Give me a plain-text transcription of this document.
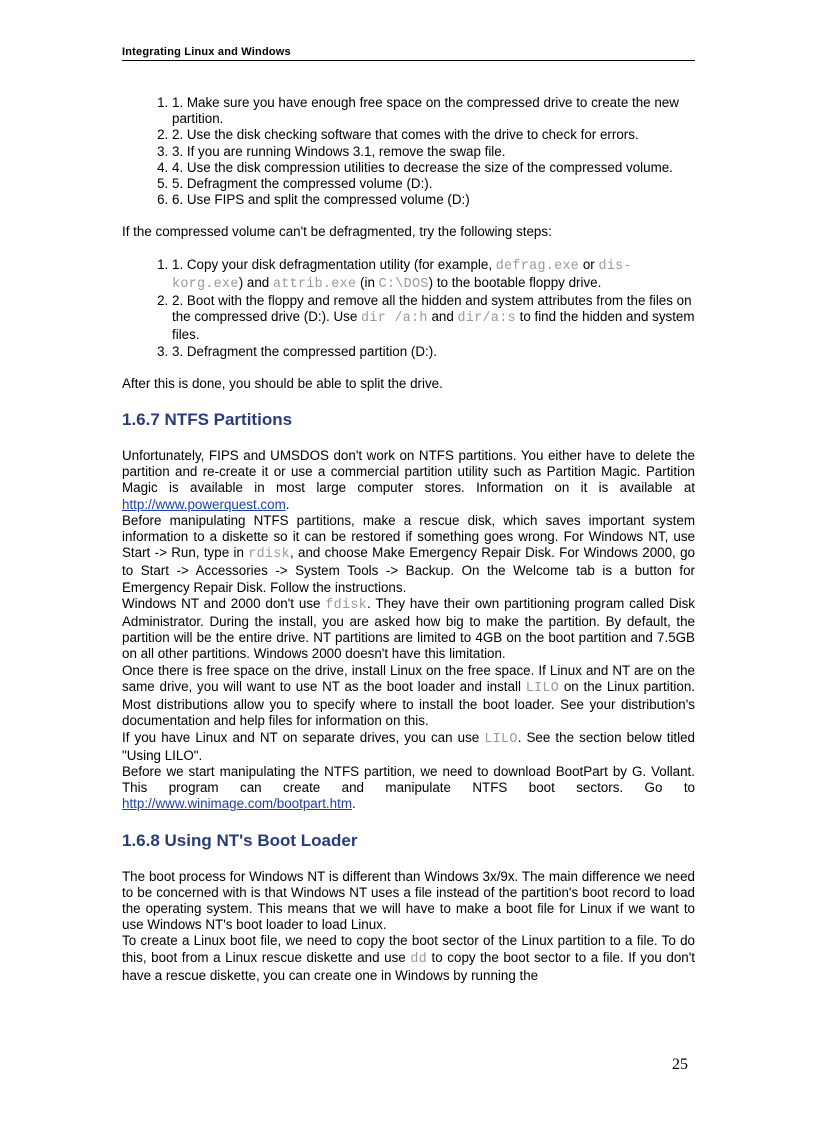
Integrating Linux and Windows
1. 1. Make sure you have enough free space on the compressed drive to create the new partition.
2. 2. Use the disk checking software that comes with the drive to check for errors.
3. 3. If you are running Windows 3.1, remove the swap file.
4. 4. Use the disk compression utilities to decrease the size of the compressed volume.
5. 5. Defragment the compressed volume (D:).
6. 6. Use FIPS and split the compressed volume (D:)

If the compressed volume can't be defragmented, try the following steps:

1. 1. Copy your disk defragmentation utility (for example, defrag.exe or dis-korg.exe) and attrib.exe (in C:\DOS) to the bootable floppy drive.
2. 2. Boot with the floppy and remove all the hidden and system attributes from the files on the compressed drive (D:). Use dir /a:h and dir/a:s to find the hidden and system files.
3. 3. Defragment the compressed partition (D:).

After this is done, you should be able to split the drive.

1.6.7 NTFS Partitions

Unfortunately, FIPS and UMSDOS don't work on NTFS partitions. You either have to delete the partition and re-create it or use a commercial partition utility such as Partition Magic. Partition Magic is available in most large computer stores. Information on it is available at http://www.powerquest.com.

Before manipulating NTFS partitions, make a rescue disk, which saves important system information to a diskette so it can be restored if something goes wrong. For Windows NT, use Start -> Run, type in rdisk, and choose Make Emergency Repair Disk. For Windows 2000, go to Start -> Accessories -> System Tools -> Backup. On the Welcome tab is a button for Emergency Repair Disk. Follow the instructions.

Windows NT and 2000 don't use fdisk. They have their own partitioning program called Disk Administrator. During the install, you are asked how big to make the partition. By default, the partition will be the entire drive. NT partitions are limited to 4GB on the boot partition and 7.5GB on all other partitions. Windows 2000 doesn't have this limitation.

Once there is free space on the drive, install Linux on the free space. If Linux and NT are on the same drive, you will want to use NT as the boot loader and install LILO on the Linux partition. Most distributions allow you to specify where to install the boot loader. See your distribution's documentation and help files for information on this.

If you have Linux and NT on separate drives, you can use LILO. See the section below titled "Using LILO".

Before we start manipulating the NTFS partition, we need to download BootPart by G. Vollant. This program can create and manipulate NTFS boot sectors. Go to http://www.winimage.com/bootpart.htm.

1.6.8 Using NT's Boot Loader

The boot process for Windows NT is different than Windows 3x/9x. The main difference we need to be concerned with is that Windows NT uses a file instead of the partition's boot record to load the operating system. This means that we will have to make a boot file for Linux if we want to use Windows NT's boot loader to load Linux.

To create a Linux boot file, we need to copy the boot sector of the Linux partition to a file. To do this, boot from a Linux rescue diskette and use dd to copy the boot sector to a file. If you don't have a rescue diskette, you can create one in Windows by running the

25
